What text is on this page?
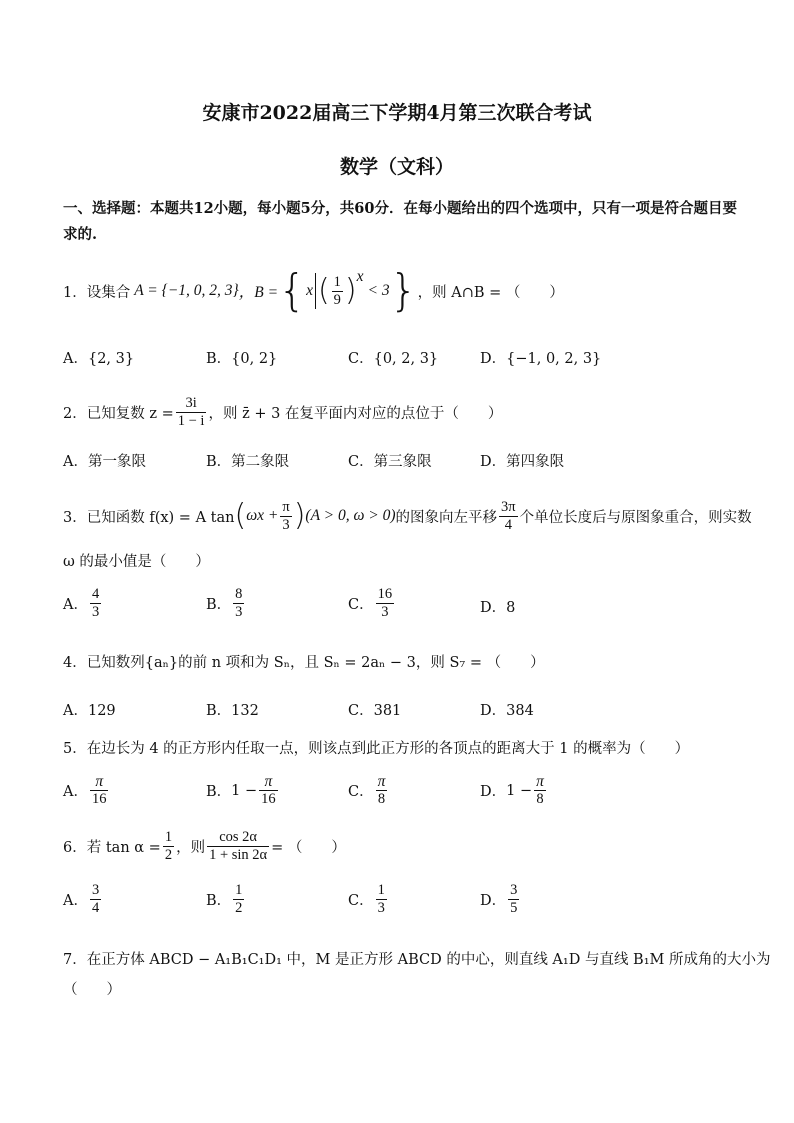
安康市2022届高三下学期4月第三次联合考试
数学（文科）
一、选择题：本题共12小题，每小题5分，共60分．在每小题给出的四个选项中，只有一项是符合题目要
求的.
1． 设集合 A = {−1, 0, 2, 3} ，B = { x ( $\frac{1}{9}$ ) x
< 3 } ，则 A∩B = （　　）
A．{2, 3}	B．{0, 2}	C．{0, 2, 3}	D．{−1, 0, 2, 3}
2． 已知复数 $z = \frac{3i}{1 - i}$ ，则 z̄ + 3 在复平面内对应的点位于（　　）
A．第一象限	B．第二象限	C．第三象限	D．第四象限
3． 已知函数 f(x) = A tan ( $\omega x + \frac{\pi}{3}$ ) (A > 0, ω > 0) 的图象向左平移 $\frac{3\pi}{4}$ 个单位长度后与原图象重合，则实数
ω 的最小值是（　　）
A． $\frac{4}{3}$	B． $\frac{8}{3}$	C． $\frac{16}{3}$	D．8
4．已知数列{aₙ}的前 n 项和为 Sₙ，且 Sₙ = 2aₙ − 3，则 S₇ = （　　）
A．129	B．132	C．381	D．384
5．在边长为 4 的正方形内任取一点，则该点到此正方形的各顶点的距离大于 1 的概率为（　　）
A． $\frac{\pi}{16}$	B． $1 - \frac{\pi}{16}$	C． $\frac{\pi}{8}$	D． $1 - \frac{\pi}{8}$
6． 若 $\tan \alpha = \frac{1}{2}$ ，则 $\frac{\cos 2\alpha}{1 + \sin 2\alpha}$ = （　　）
A． $\frac{3}{4}$	B． $\frac{1}{2}$	C． $\frac{1}{3}$	D． $\frac{3}{5}$
7．在正方体 ABCD − A₁B₁C₁D₁ 中，M 是正方形 ABCD 的中心，则直线 A₁D 与直线 B₁M 所成角的大小为
（　　）
